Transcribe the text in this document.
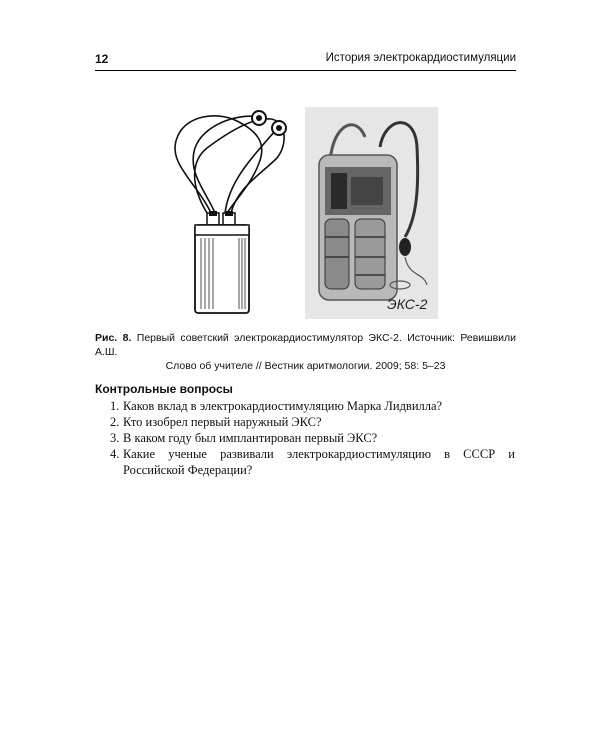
12	История электрокардиостимуляции
ЭКС-2
Рис. 8. Первый советский электрокардиостимулятор ЭКС-2. Источник: Ревишвили А.Ш.
Слово об учителе // Вестник аритмологии. 2009; 58: 5–23
Контрольные вопросы
1. Каков вклад в электрокардиостимуляцию Марка Лидвилла?
2. Кто изобрел первый наружный ЭКС?
3. В каком году был имплантирован первый ЭКС?
4. Какие ученые развивали электрокардиостимуляцию в СССР и Российской Федерации?
